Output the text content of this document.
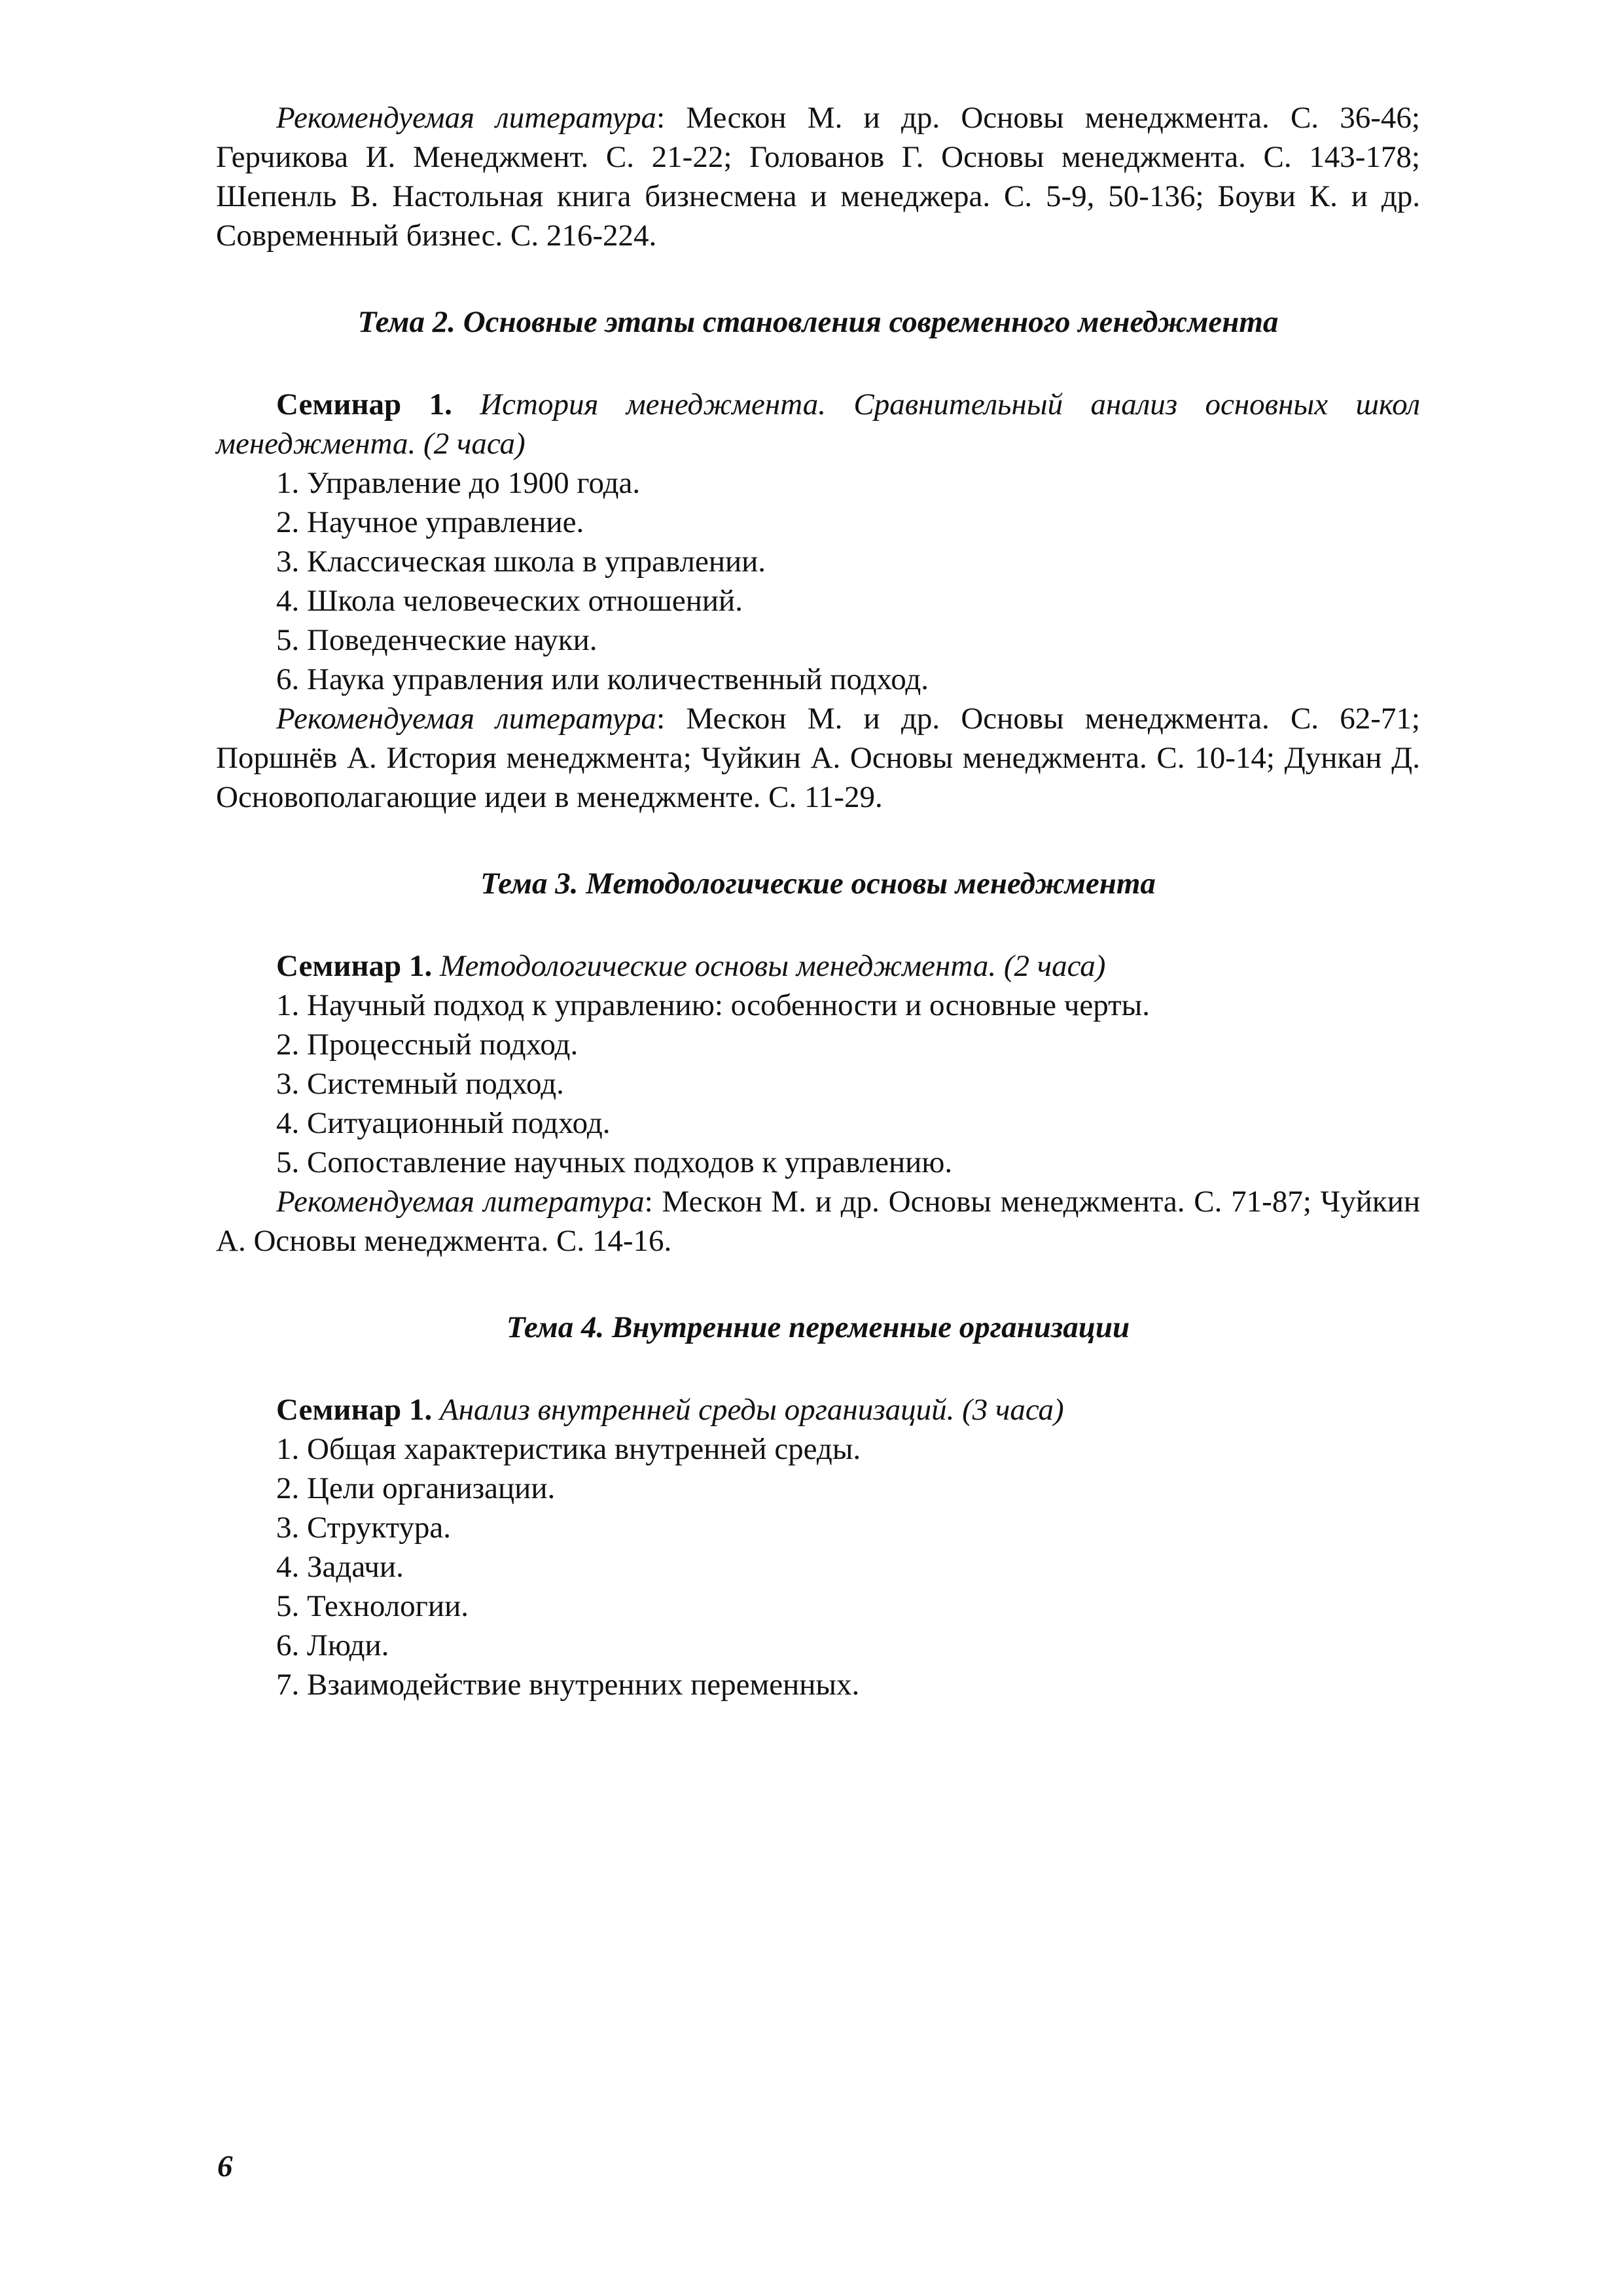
Рекомендуемая литература: Мескон М. и др. Основы менеджмента. С. 36-46; Герчикова И. Менеджмент. С. 21-22; Голованов Г. Основы менеджмента. С. 143-178; Шепенль В. Настольная книга бизнесмена и менеджера. С. 5-9, 50-136; Боуви К. и др. Современный бизнес. С. 216-224.

Тема 2. Основные этапы становления современного менеджмента

Семинар 1. История менеджмента. Сравнительный анализ основных школ менеджмента. (2 часа)

1. Управление до 1900 года.
2. Научное управление.
3. Классическая школа в управлении.
4. Школа человеческих отношений.
5. Поведенческие науки.
6. Наука управления или количественный подход.

Рекомендуемая литература: Мескон М. и др. Основы менеджмента. С. 62-71; Поршнёв А. История менеджмента; Чуйкин А. Основы менеджмента. С. 10-14; Дункан Д. Основополагающие идеи в менеджменте. С. 11-29.

Тема 3. Методологические основы менеджмента

Семинар 1. Методологические основы менеджмента. (2 часа)

1. Научный подход к управлению: особенности и основные черты.
2. Процессный подход.
3. Системный подход.
4. Ситуационный подход.
5. Сопоставление научных подходов к управлению.

Рекомендуемая литература: Мескон М. и др. Основы менеджмента. С. 71-87; Чуйкин А. Основы менеджмента. С. 14-16.

Тема 4. Внутренние переменные организации

Семинар 1. Анализ внутренней среды организаций. (3 часа)

1. Общая характеристика внутренней среды.
2. Цели организации.
3. Структура.
4. Задачи.
5. Технологии.
6. Люди.
7. Взаимодействие внутренних переменных.
6
